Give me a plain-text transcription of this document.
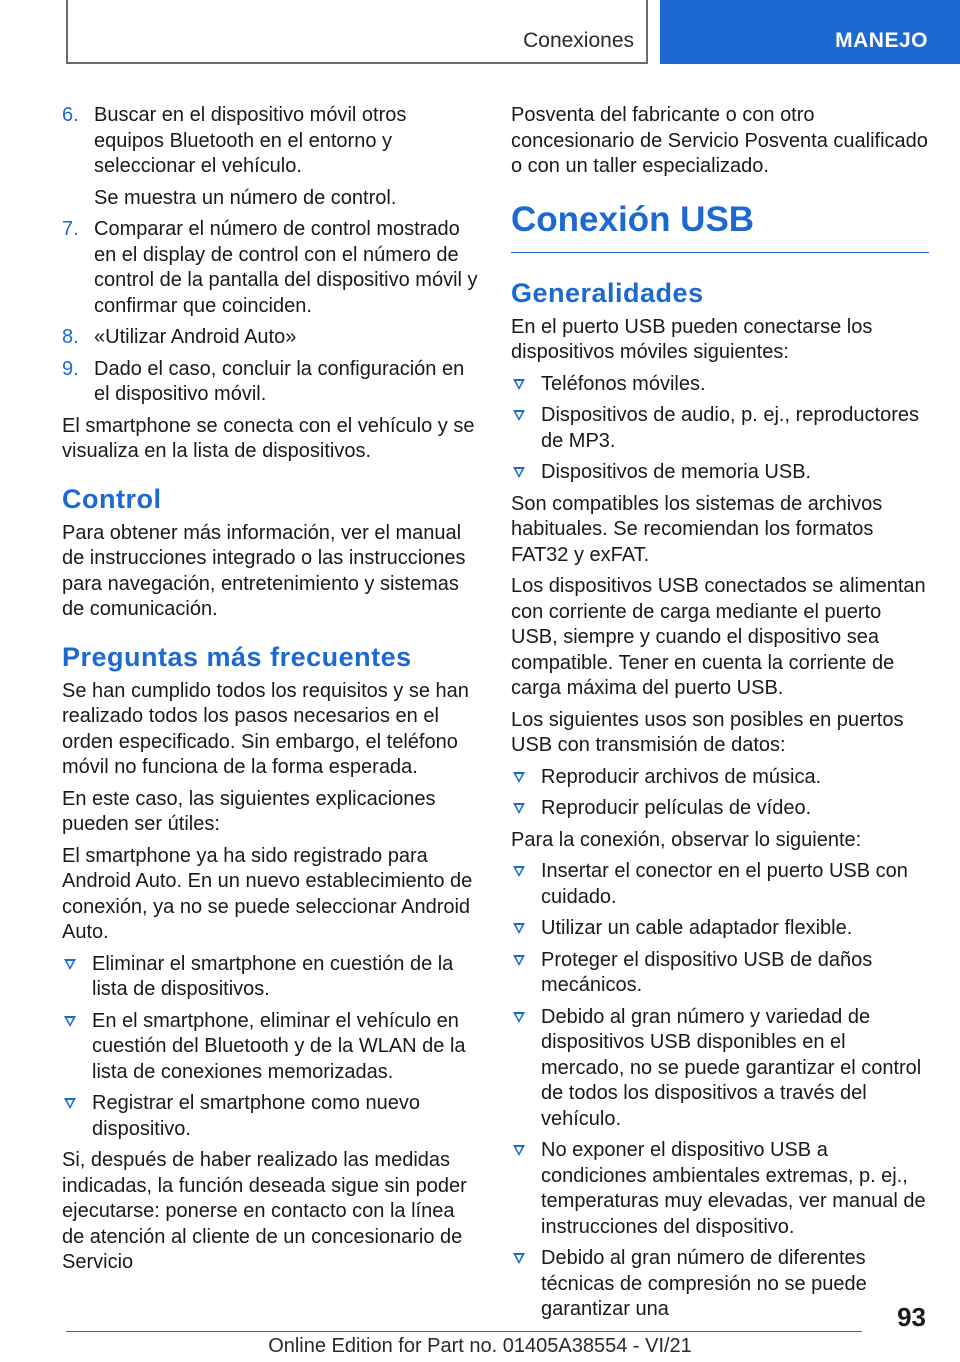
Conexiones	MANEJO
6. Buscar en el dispositivo móvil otros equipos Bluetooth en el entorno y seleccionar el vehículo.

Se muestra un número de control.

7. Comparar el número de control mostrado en el display de control con el número de control de la pantalla del dispositivo móvil y confirmar que coinciden.
8. «Utilizar Android Auto»
9. Dado el caso, concluir la configuración en el dispositivo móvil.

El smartphone se conecta con el vehículo y se visualiza en la lista de dispositivos.

Control

Para obtener más información, ver el manual de instrucciones integrado o las instrucciones para navegación, entretenimiento y sistemas de comunicación.

Preguntas más frecuentes

Se han cumplido todos los requisitos y se han realizado todos los pasos necesarios en el orden especificado. Sin embargo, el teléfono móvil no funciona de la forma esperada.

En este caso, las siguientes explicaciones pueden ser útiles:

El smartphone ya ha sido registrado para Android Auto. En un nuevo establecimiento de conexión, ya no se puede seleccionar Android Auto.

Eliminar el smartphone en cuestión de la lista de dispositivos.
En el smartphone, eliminar el vehículo en cuestión del Bluetooth y de la WLAN de la lista de conexiones memorizadas.
Registrar el smartphone como nuevo dispositivo.

Si, después de haber realizado las medidas indicadas, la función deseada sigue sin poder ejecutarse: ponerse en contacto con la línea de atención al cliente de un concesionario de Servicio

Posventa del fabricante o con otro concesionario de Servicio Posventa cualificado o con un taller especializado.

Conexión USB
Generalidades

En el puerto USB pueden conectarse los dispositivos móviles siguientes:

Teléfonos móviles.
Dispositivos de audio, p. ej., reproductores de MP3.
Dispositivos de memoria USB.

Son compatibles los sistemas de archivos habituales. Se recomiendan los formatos FAT32 y exFAT.

Los dispositivos USB conectados se alimentan con corriente de carga mediante el puerto USB, siempre y cuando el dispositivo sea compatible. Tener en cuenta la corriente de carga máxima del puerto USB.

Los siguientes usos son posibles en puertos USB con transmisión de datos:

Reproducir archivos de música.
Reproducir películas de vídeo.

Para la conexión, observar lo siguiente:

Insertar el conector en el puerto USB con cuidado.
Utilizar un cable adaptador flexible.
Proteger el dispositivo USB de daños mecánicos.
Debido al gran número y variedad de dispositivos USB disponibles en el mercado, no se puede garantizar el control de todos los dispositivos a través del vehículo.
No exponer el dispositivo USB a condiciones ambientales extremas, p. ej., temperaturas muy elevadas, ver manual de instrucciones del dispositivo.
Debido al gran número de diferentes técnicas de compresión no se puede garantizar una	93
Online Edition for Part no. 01405A38554 - VI/21
